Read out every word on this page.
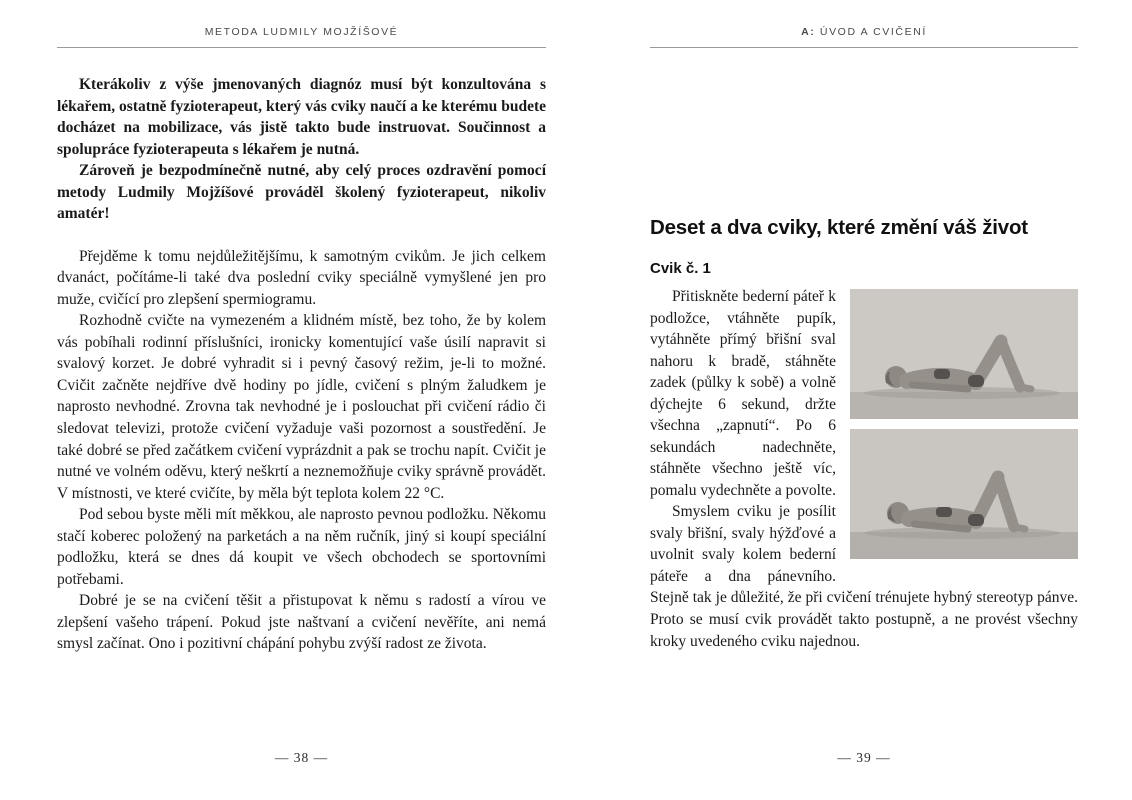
METODA LUDMILY MOJŽÍŠOVÉ

Kterákoliv z výše jmenovaných diagnóz musí být konzultována s lékařem, ostatně fyzioterapeut, který vás cviky naučí a ke kterému budete docházet na mobilizace, vás jistě takto bude instruovat. Součinnost a spolupráce fyzioterapeuta s lékařem je nutná.

Zároveň je bezpodmínečně nutné, aby celý proces ozdravění pomocí metody Ludmily Mojžíšové prováděl školený fyzioterapeut, nikoliv amatér!

Přejděme k tomu nejdůležitějšímu, k samotným cvikům. Je jich celkem dvanáct, počítáme-li také dva poslední cviky speciálně vymyšlené jen pro muže, cvičící pro zlepšení spermiogramu.

Rozhodně cvičte na vymezeném a klidném místě, bez toho, že by kolem vás pobíhali rodinní příslušníci, ironicky komentující vaše úsilí napravit si svalový korzet. Je dobré vyhradit si i pevný časový režim, je-li to možné. Cvičit začněte nejdříve dvě hodiny po jídle, cvičení s plným žaludkem je naprosto nevhodné. Zrovna tak nevhodné je i poslouchat při cvičení rádio či sledovat televizi, protože cvičení vyžaduje vaši pozornost a soustředění. Je také dobré se před začátkem cvičení vyprázdnit a pak se trochu napít. Cvičit je nutné ve volném oděvu, který neškrtí a neznemožňuje cviky správně provádět. V místnosti, ve které cvičíte, by měla být teplota kolem 22 °C.

Pod sebou byste měli mít měkkou, ale naprosto pevnou podložku. Někomu stačí koberec položený na parketách a na něm ručník, jiný si koupí speciální podložku, která se dnes dá koupit ve všech obchodech se sportovními potřebami.

Dobré je se na cvičení těšit a přistupovat k němu s radostí a vírou ve zlepšení vašeho trápení. Pokud jste naštvaní a cvičení nevěříte, ani nemá smysl začínat. Ono i pozitivní chápání pohybu zvýší radost ze života.

— 38 —
A: ÚVOD A CVIČENÍ
Deset a dva cviky, které změní váš život
Cvik č. 1

Přitiskněte bederní páteř k podložce, vtáhněte pupík, vytáhněte přímý břišní sval nahoru k bradě, stáhněte zadek (půlky k sobě) a volně dýchejte 6 sekund, držte všechna „zapnutí“. Po 6 sekundách nadechněte, stáhněte všechno ještě víc, pomalu vydechněte a povolte.

Smyslem cviku je posílit svaly břišní, svaly hýžďové a uvolnit svaly kolem bederní páteře a dna pánevního. Stejně tak je důležité, že při cvičení trénujete hybný stereotyp pánve. Proto se musí cvik provádět takto postupně, a ne provést všechny kroky uvedeného cviku najednou.

— 39 —
